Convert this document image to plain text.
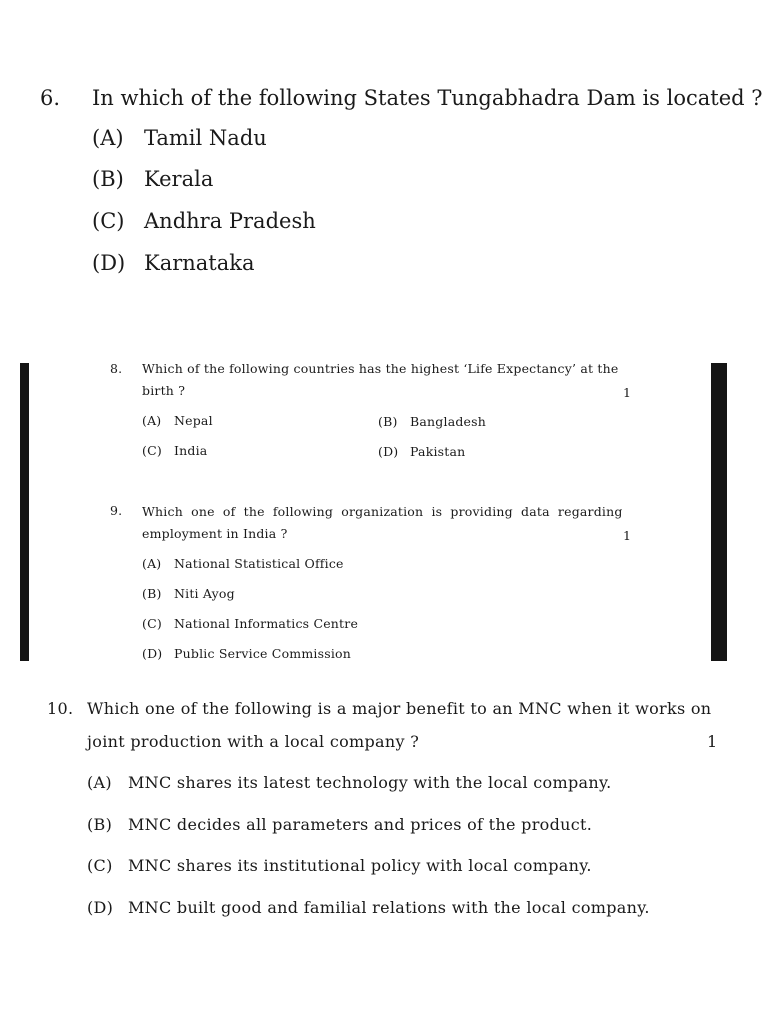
6. In which of the following States Tungabhadra Dam is located ?
(A) Tamil Nadu
(B) Kerala
(C) Andhra Pradesh
(D) Karnataka
8. Which of the following countries has the highest ‘Life Expectancy’ at the
birth ?	1
(A) Nepal	(B) Bangladesh
(C) India	(D) Pakistan
9. Which one of the following organization is providing data regarding
employment in India ?	1
(A) National Statistical Office
(B) Niti Ayog
(C) National Informatics Centre
(D) Public Service Commission
10. Which one of the following is a major benefit to an MNC when it works on
joint production with a local company ?	1
(A) MNC shares its latest technology with the local company.
(B) MNC decides all parameters and prices of the product.
(C) MNC shares its institutional policy with local company.
(D) MNC built good and familial relations with the local company.
